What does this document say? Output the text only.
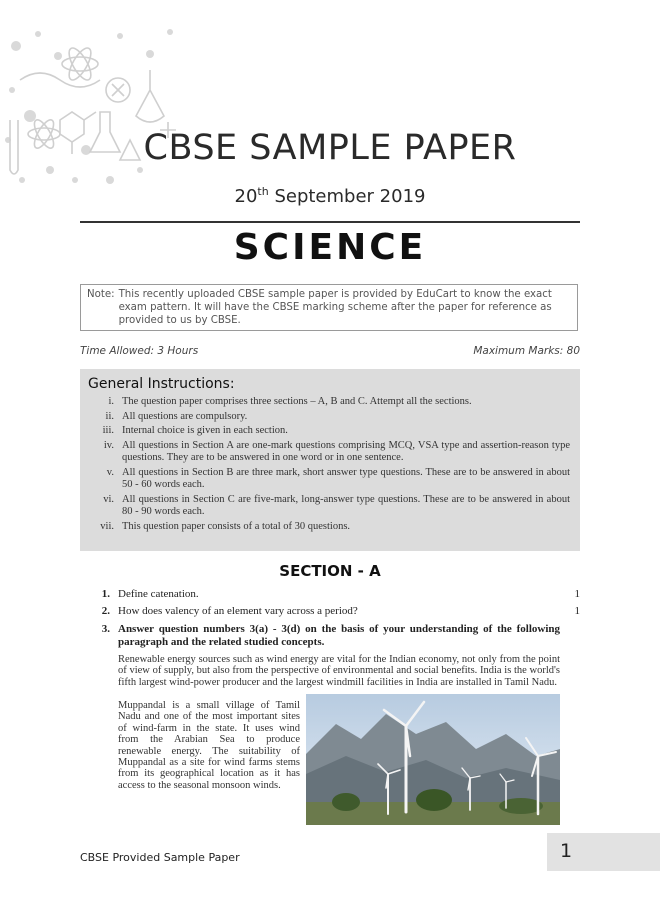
CBSE SAMPLE PAPER
20th September 2019
SCIENCE
Note: This recently uploaded CBSE sample paper is provided by EduCart to know the exact exam pattern. It will have the CBSE marking scheme after the paper for reference as provided to us by CBSE.
Time Allowed: 3 Hours	Maximum Marks: 80
General Instructions:
i. The question paper comprises three sections – A, B and C. Attempt all the sections.
ii. All questions are compulsory.
iii. Internal choice is given in each section.
iv. All questions in Section A are one-mark questions comprising MCQ, VSA type and assertion-reason type questions. They are to be answered in one word or in one sentence.
v. All questions in Section B are three mark, short answer type questions. These are to be answered in about 50 - 60 words each.
vi. All questions in Section C are five-mark, long-answer type questions. These are to be answered in about 80 - 90 words each.
vii. This question paper consists of a total of 30 questions.
SECTION - A
1. Define catenation.	1
2. How does valency of an element vary across a period?	1
3. Answer question numbers 3(a) - 3(d) on the basis of your understanding of the following paragraph and the related studied concepts.
Renewable energy sources such as wind energy are vital for the Indian economy, not only from the point of view of supply, but also from the perspective of environmental and social benefits. India is the world's fifth largest wind-power producer and the largest windmill facilities in India are installed in Tamil Nadu.
Muppandal is a small village of Tamil Nadu and one of the most important sites of wind-farm in the state. It uses wind from the Arabian Sea to produce renewable energy. The suitability of Muppandal as a site for wind farms stems from its geographical location as it has access to the seasonal monsoon winds.
CBSE Provided Sample Paper	1
